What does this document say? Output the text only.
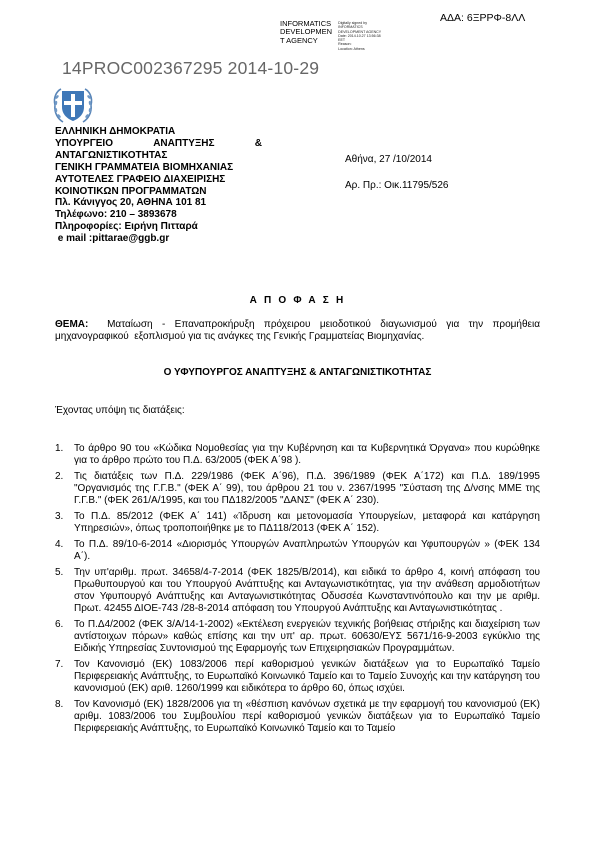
ΑΔΑ: 6ΞΡΡΦ-8ΛΛ
INFORMATICS
DEVELOPMEN
T AGENCY
Digitally signed by
INFORMATICS
DEVELOPMENT AGENCY
Date: 2014.10.27 13:56:38
EET
Reason:
Location: Athens
14PROC002367295 2014-10-29
ΕΛΛΗΝΙΚΗ ΔΗΜΟΚΡΑΤΙΑ
ΥΠΟΥΡΓΕΙΟ	ΑΝΑΠΤΥΞΗΣ	&
ΑΝΤΑΓΩΝΙΣΤΙΚΟΤΗΤΑΣ
ΓΕΝΙΚΗ ΓΡΑΜΜΑΤΕΙΑ ΒΙΟΜΗΧΑΝΙΑΣ
ΑΥΤΟΤΕΛΕΣ ΓΡΑΦΕΙΟ ΔΙΑΧΕΙΡΙΣΗΣ
ΚΟΙΝΟΤΙΚΩΝ ΠΡΟΓΡΑΜΜΑΤΩΝ
Πλ. Κάνιγγος 20, ΑΘΗΝΑ 101 81
Τηλέφωνο: 210 – 3893678
Πληροφορίες: Ειρήνη Πιτταρά
e mail :pittarae@ggb.gr
Αθήνα, 27 /10/2014
Αρ. Πρ.: Οικ.11795/526
Α Π Ο Φ Α Σ Η
ΘΕΜΑ:  Ματαίωση - Επαναπροκήρυξη πρόχειρου μειοδοτικού διαγωνισμού για την προμήθεια μηχανογραφικού  εξοπλισμού για τις ανάγκες της Γενικής Γραμματείας Βιομηχανίας.
Ο ΥΦΥΠΟΥΡΓΟΣ ΑΝΑΠΤΥΞΗΣ & ΑΝΤΑΓΩΝΙΣΤΙΚΟΤΗΤΑΣ
Έχοντας υπόψη τις διατάξεις:
1.	Το άρθρο 90 του «Κώδικα Νομοθεσίας για την Κυβέρνηση και τα Κυβερνητικά Όργανα» που κυρώθηκε για το άρθρο πρώτο του Π.Δ. 63/2005 (ΦΕΚ Α΄98 ).
2.	Τις διατάξεις των Π.Δ. 229/1986 (ΦΕΚ Α΄96), Π.Δ. 396/1989 (ΦΕΚ Α΄172) και Π.Δ. 189/1995 "Οργανισμός της Γ.Γ.Β." (ΦΕΚ Α΄ 99), του άρθρου 21 του ν. 2367/1995 "Σύσταση της Δ/νσης ΜΜΕ της Γ.Γ.Β." (ΦΕΚ 261/Α/1995, και του ΠΔ182/2005 "ΔΑΝΣ" (ΦΕΚ Α΄ 230).
3.	Το Π.Δ. 85/2012 (ΦΕΚ Α΄ 141) «Ίδρυση και μετονομασία Υπουργείων, μεταφορά και κατάργηση Υπηρεσιών», όπως τροποποιήθηκε με το ΠΔ118/2013 (ΦΕΚ Α΄ 152).
4.	Το Π.Δ. 89/10-6-2014 «Διορισμός Υπουργών Αναπληρωτών Υπουργών και Υφυπουργών » (ΦΕΚ 134 Α΄).
5.	Την υπ'αριθμ. πρωτ. 34658/4-7-2014 (ΦΕΚ 1825/Β/2014), και ειδικά το άρθρο 4, κοινή απόφαση του Πρωθυπουργού και του Υπουργού Ανάπτυξης και Ανταγωνιστικότητας, για την ανάθεση αρμοδιοτήτων στον Υφυπουργό Ανάπτυξης και Ανταγωνιστικότητας Οδυσσέα Κωνσταντινόπουλο και την με αριθμ. Πρωτ. 42455 ΔΙΟΕ-743 /28-8-2014 απόφαση του Υπουργού Ανάπτυξης και Ανταγωνιστικότητας .
6.	Το Π.Δ4/2002 (ΦΕΚ 3/Α/14-1-2002) «Εκτέλεση ενεργειών τεχνικής βοήθειας στήριξης και διαχείριση των αντίστοιχων πόρων» καθώς επίσης και την υπ' αρ. πρωτ. 60630/ΕΥΣ 5671/16-9-2003 εγκύκλιο της Ειδικής Υπηρεσίας Συντονισμού της Εφαρμογής των Επιχειρησιακών Προγραμμάτων.
7.	Τον Κανονισμό (ΕΚ) 1083/2006 περί καθορισμού γενικών διατάξεων για το Ευρωπαϊκό Ταμείο Περιφερειακής Ανάπτυξης, το Ευρωπαϊκό Κοινωνικό Ταμείο και το Ταμείο Συνοχής και την κατάργηση του κανονισμού (ΕΚ) αριθ. 1260/1999 και ειδικότερα το άρθρο 60, όπως ισχύει.
8.	Τον Κανονισμό (ΕΚ) 1828/2006 για τη «θέσπιση κανόνων σχετικά με την εφαρμογή του κανονισμού (ΕΚ) αριθμ. 1083/2006 του Συμβουλίου περί καθορισμού γενικών διατάξεων για το Ευρωπαϊκό Ταμείο Περιφερειακής Ανάπτυξης, το Ευρωπαϊκό Κοινωνικό Ταμείο και το Ταμείο
